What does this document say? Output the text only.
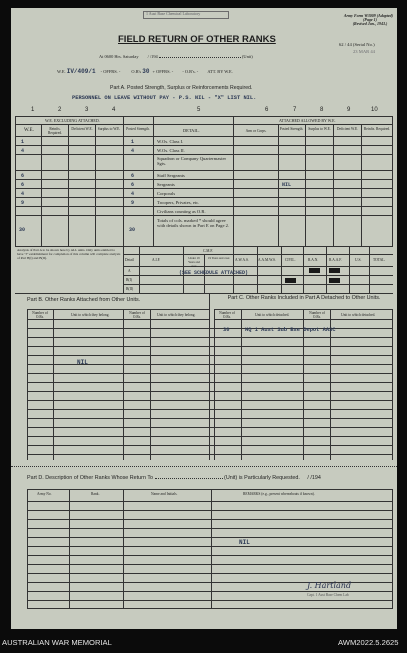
1 Aust Base Chemical Laboratory	Army Form W3009 (Adapted)
(Page 1)
(Revised Jan., 1943.)
62 / 44 (Serial No.)
23 MAR 44
FIELD RETURN OF OTHER RANKS
At 0600 Hrs. Saturday / /194	(Unit)
W.E. IV/409/1 - OFFRS. -	O.R's 30 + OFFRS. - - O.R's. - ATT. BY W.E.
Part A. Posted Strength, Surplus or Reinforcements Required.
PERSONNEL ON LEAVE WITHOUT PAY - P.S. NIL - "X" LIST NIL.
1	2	3	4	5	6	7	8	9	10
W.E. EXCLUDING ATTACHED.	ATTACHED ALLOWED BY W.E.
W.E.	Reinfts. Required.
Deficient W.E.	Surplus to W.E.	Posted Strength.	DETAIL.	Arm or Corps.	Posted Strength.	Surplus to W.E.	Deficient W.E.	Reinfts. Required.
1	1	W.Os. Class I.
4	4	W.Os. Class II.
Squadron or Company Quartermaster Sgts.
6	6	Staff Sergeants
6	6	Sergeants	NIL
4	4	Corporals
9	9	Troopers, Privates, etc.
Civilians counting as O.R.
30	30
Totals of cols. marked * should agree with details shown in Part E on Page 2.
Analysis of Part A to be shown here by ALL units. Only units entitled to have "J" establishment for completion of this column will complete analysis of Part B(I) and B(II).	Detail
A
B(I)
B(II)
C.M.F.
A.I.F.	Under 19 Years and over.
19 Years and over.	A.W.A.S.	A.A.M.W.S.	CIVIL.	R.A.N.	R.A.A.F.	U.S.	TOTAL.
(SEE SCHEDULE ATTACHED)
Part B. Other Ranks Attached from Other Units.	Part C. Other Ranks Included in Part A Detached to Other Units.
Number of O.Rs.	Unit to which they belong.	Number of O.Rs.	Unit to which they belong.	Number of O.Rs.	Unit to which detached.	Number of O.Rs.	Unit to which detached.
NIL
30	HQ 1 Aust Sub Bse Depot AASC
Part D. Description of Other Ranks Whose Return To	(Unit) is Particularly Requested. / /194
Army No.	Rank.	Name and Initials.	REMARKS (e.g., present whereabouts if known).
NIL
J. Hartland
Capt. 1 Aust Base Chem Lab
AUSTRALIAN WAR MEMORIAL	AWM2022.5.2625
